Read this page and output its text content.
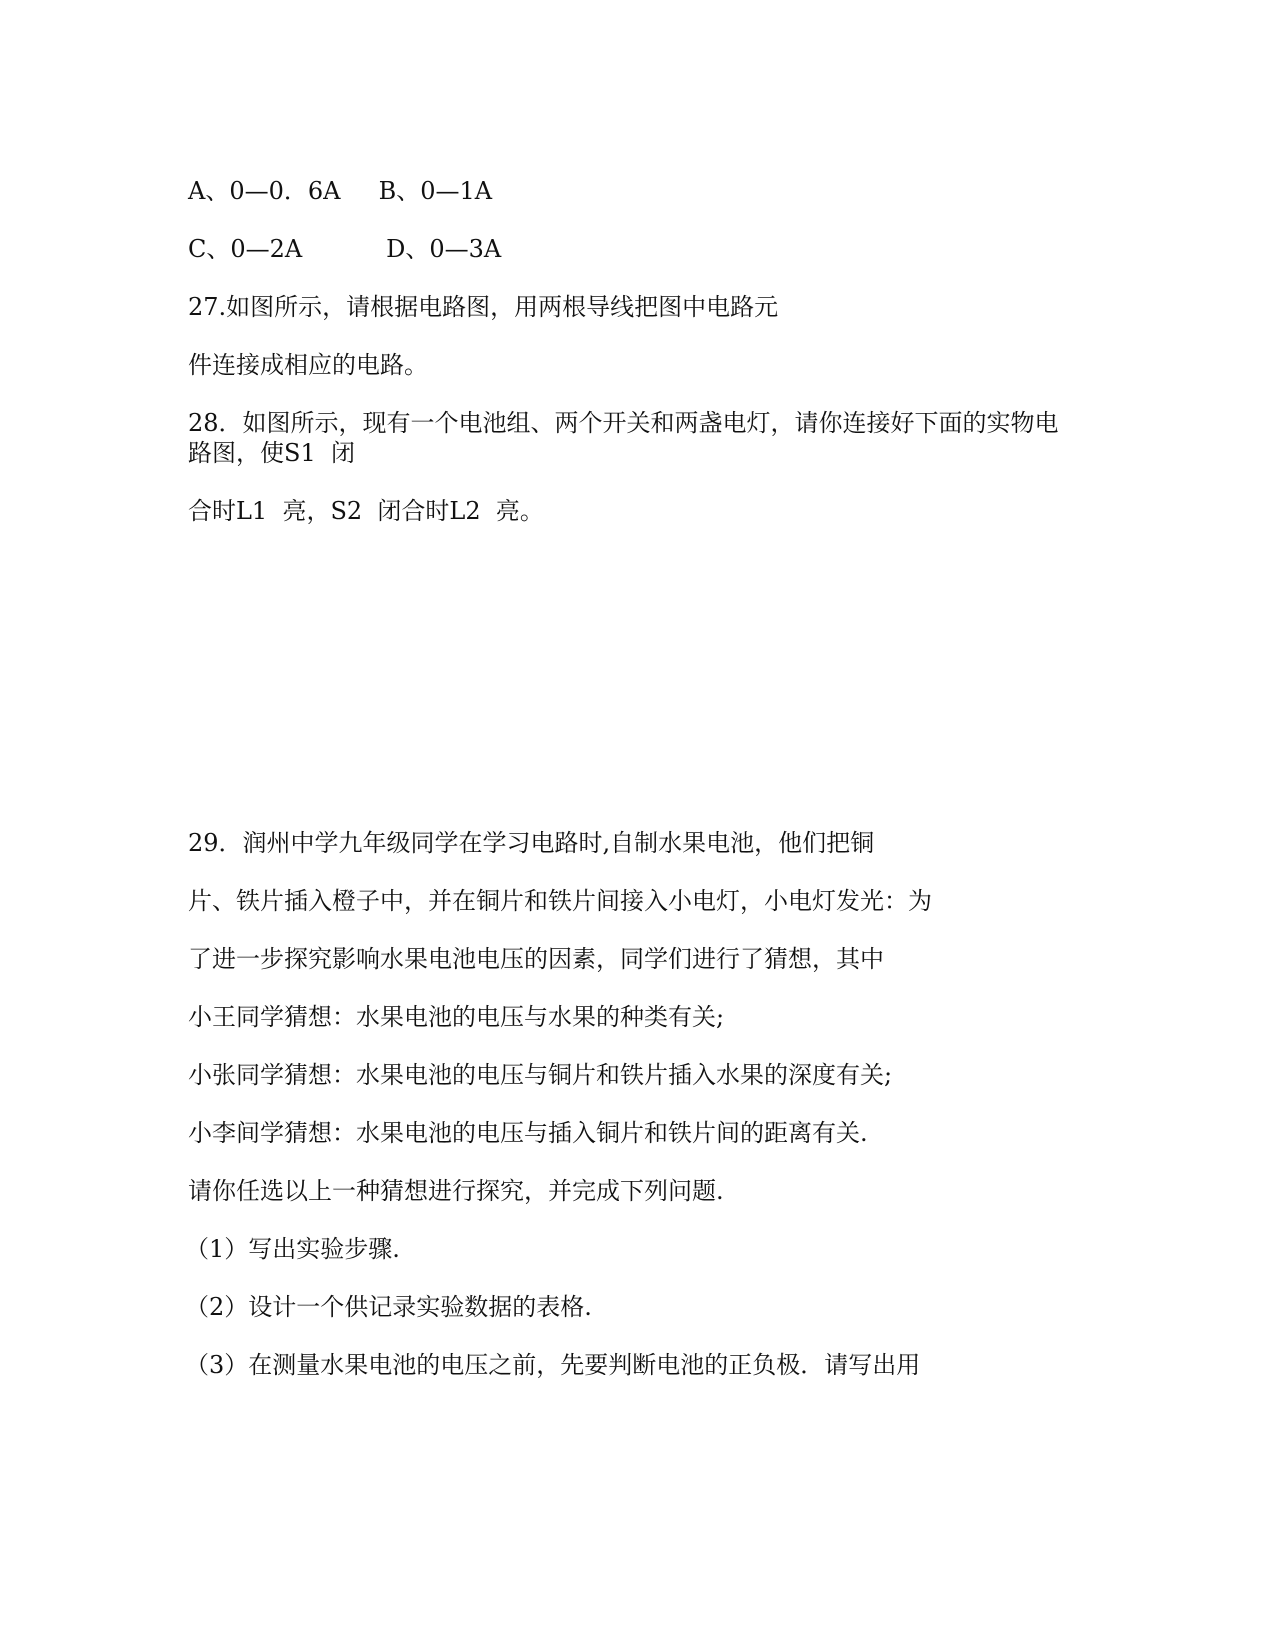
A、0—0．6A     B、0—1A
C、0—2A           D、0—3A
27.如图所示，请根据电路图，用两根导线把图中电路元
件连接成相应的电路。
28．如图所示，现有一个电池组、两个开关和两盏电灯，请你连接好下面的实物电
路图，使S1  闭
合时L1  亮，S2  闭合时L2  亮。
29．润州中学九年级同学在学习电路时,自制水果电池，他们把铜
片、铁片插入橙子中，并在铜片和铁片间接入小电灯，小电灯发光：为
了进一步探究影响水果电池电压的因素，同学们进行了猜想，其中
小王同学猜想：水果电池的电压与水果的种类有关;
小张同学猜想：水果电池的电压与铜片和铁片插入水果的深度有关;
小李间学猜想：水果电池的电压与插入铜片和铁片间的距离有关.
请你任选以上一种猜想进行探究，并完成下列问题.
（1）写出实验步骤.
（2）设计一个供记录实验数据的表格.
（3）在测量水果电池的电压之前，先要判断电池的正负极．请写出用
